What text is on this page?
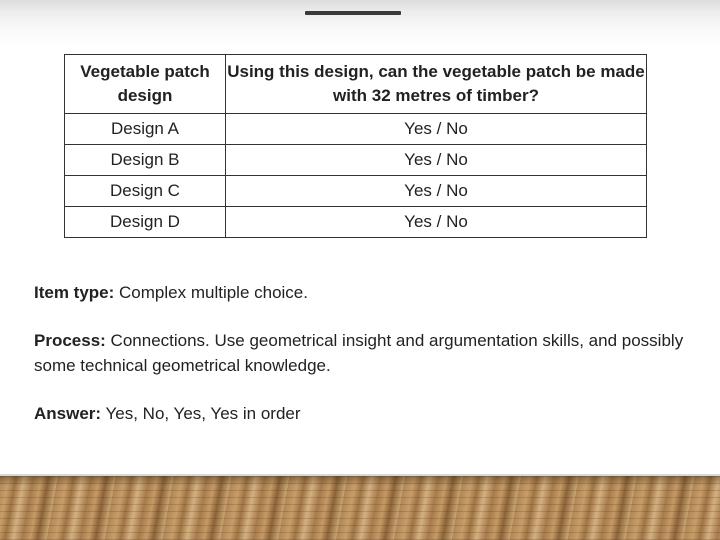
Vegetable patch design	Using this design, can the vegetable patch be made with 32 metres of timber?
Design A	Yes / No
Design B	Yes / No
Design C	Yes / No
Design D	Yes / No

Item type: Complex multiple choice.

Process: Connections. Use geometrical insight and argumentation skills, and possibly some technical geometrical knowledge.

Answer: Yes, No, Yes, Yes in order
